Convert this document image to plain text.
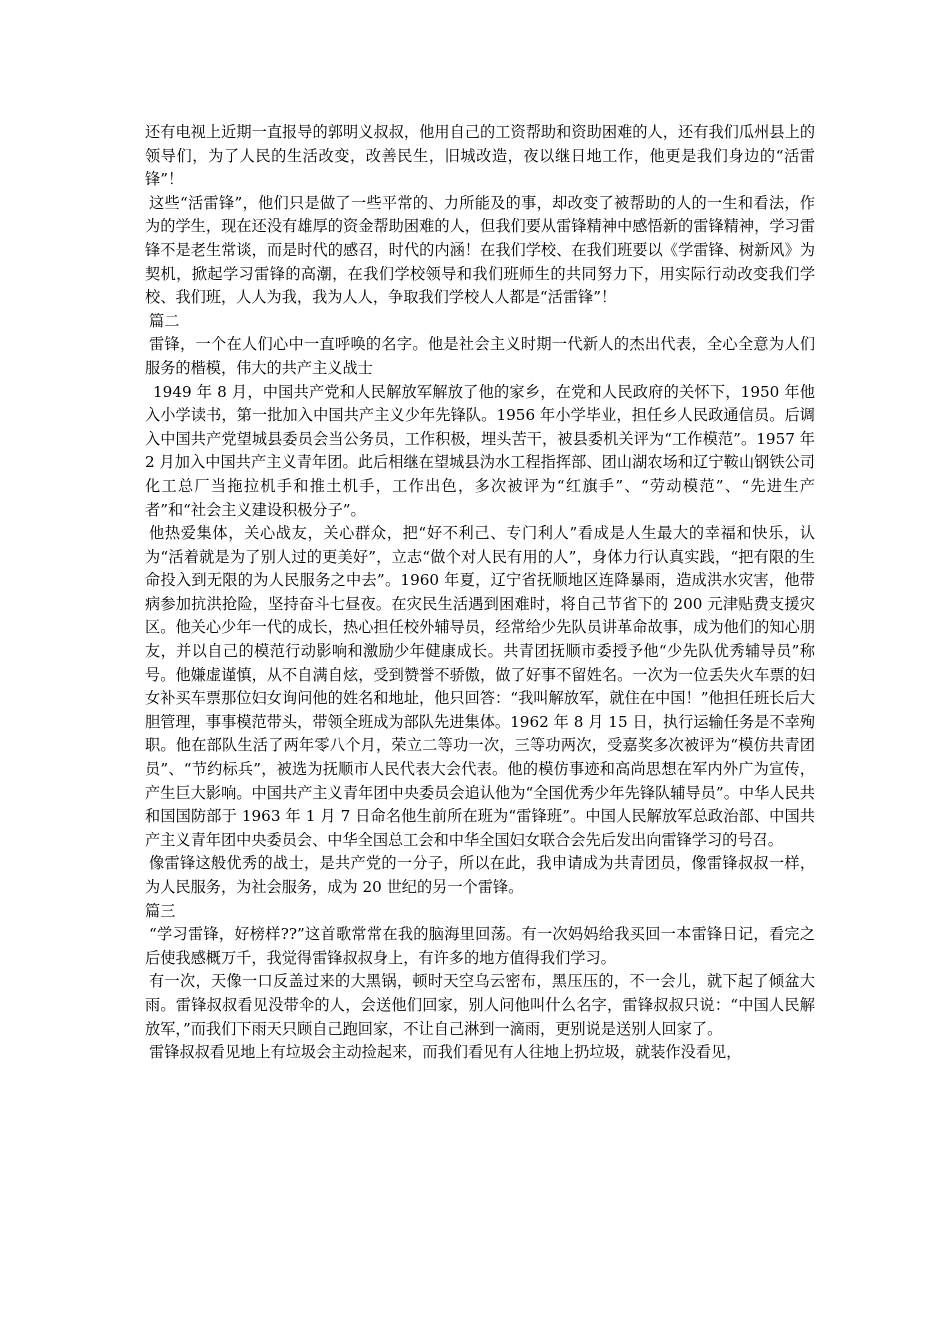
还有电视上近期一直报导的郭明义叔叔，他用自己的工资帮助和资助困难的人，还有我们瓜州县上的领导们，为了人民的生活改变，改善民生，旧城改造，夜以继日地工作，他更是我们身边的“活雷锋”！

这些“活雷锋”，他们只是做了一些平常的、力所能及的事，却改变了被帮助的人的一生和看法，作为的学生，现在还没有雄厚的资金帮助困难的人，但我们要从雷锋精神中感悟新的雷锋精神，学习雷锋不是老生常谈，而是时代的感召，时代的内涵！在我们学校、在我们班要以《学雷锋、树新风》为契机，掀起学习雷锋的高潮，在我们学校领导和我们班师生的共同努力下，用实际行动改变我们学校、我们班，人人为我，我为人人，争取我们学校人人都是“活雷锋”！

篇二

雷锋，一个在人们心中一直呼唤的名字。他是社会主义时期一代新人的杰出代表，全心全意为人们服务的楷模，伟大的共产主义战士

1949 年 8 月，中国共产党和人民解放军解放了他的家乡，在党和人民政府的关怀下，1950 年他入小学读书，第一批加入中国共产主义少年先锋队。1956 年小学毕业，担任乡人民政通信员。后调入中国共产党望城县委员会当公务员，工作积极，埋头苦干，被县委机关评为“工作模范”。1957 年 2 月加入中国共产主义青年团。此后相继在望城县沩水工程指挥部、团山湖农场和辽宁鞍山钢铁公司化工总厂当拖拉机手和推土机手，工作出色，多次被评为“红旗手”、“劳动模范”、“先进生产者”和“社会主义建设积极分子”。

他热爱集体，关心战友，关心群众，把“好不利己、专门利人”看成是人生最大的幸福和快乐，认为“活着就是为了别人过的更美好”，立志“做个对人民有用的人”，身体力行认真实践，“把有限的生命投入到无限的为人民服务之中去”。1960 年夏，辽宁省抚顺地区连降暴雨，造成洪水灾害，他带病参加抗洪抢险，坚持奋斗七昼夜。在灾民生活遇到困难时，将自己节省下的 200 元津贴费支援灾区。他关心少年一代的成长，热心担任校外辅导员，经常给少先队员讲革命故事，成为他们的知心朋友，并以自己的模范行动影响和激励少年健康成长。共青团抚顺市委授予他“少先队优秀辅导员”称号。他嫌虚谨慎，从不自满自炫，受到赞誉不骄傲，做了好事不留姓名。一次为一位丢失火车票的妇女补买车票那位妇女询问他的姓名和地址，他只回答：“我叫解放军，就住在中国！”他担任班长后大胆管理，事事模范带头，带领全班成为部队先进集体。1962 年 8 月 15 日，执行运输任务是不幸殉职。他在部队生活了两年零八个月，荣立二等功一次，三等功两次，受嘉奖多次被评为“模仿共青团员”、“节约标兵”，被选为抚顺市人民代表大会代表。他的模仿事迹和高尚思想在军内外广为宣传，产生巨大影响。中国共产主义青年团中央委员会追认他为“全国优秀少年先锋队辅导员”。中华人民共和国国防部于 1963 年 1 月 7 日命名他生前所在班为“雷锋班”。中国人民解放军总政治部、中国共产主义青年团中央委员会、中华全国总工会和中华全国妇女联合会先后发出向雷锋学习的号召。

像雷锋这般优秀的战士，是共产党的一分子，所以在此，我申请成为共青团员，像雷锋叔叔一样，为人民服务，为社会服务，成为 20 世纪的另一个雷锋。

篇三

“学习雷锋，好榜样??”这首歌常常在我的脑海里回荡。有一次妈妈给我买回一本雷锋日记，看完之后使我感概万千，我觉得雷锋叔叔身上，有许多的地方值得我们学习。

有一次，天像一口反盖过来的大黑锅，顿时天空乌云密布，黑压压的，不一会儿，就下起了倾盆大雨。雷锋叔叔看见没带伞的人，会送他们回家，别人问他叫什么名字，雷锋叔叔只说：“中国人民解放军，”而我们下雨天只顾自己跑回家，不让自己淋到一滴雨，更别说是送别人回家了。

雷锋叔叔看见地上有垃圾会主动捡起来，而我们看见有人往地上扔垃圾，就装作没看见，
